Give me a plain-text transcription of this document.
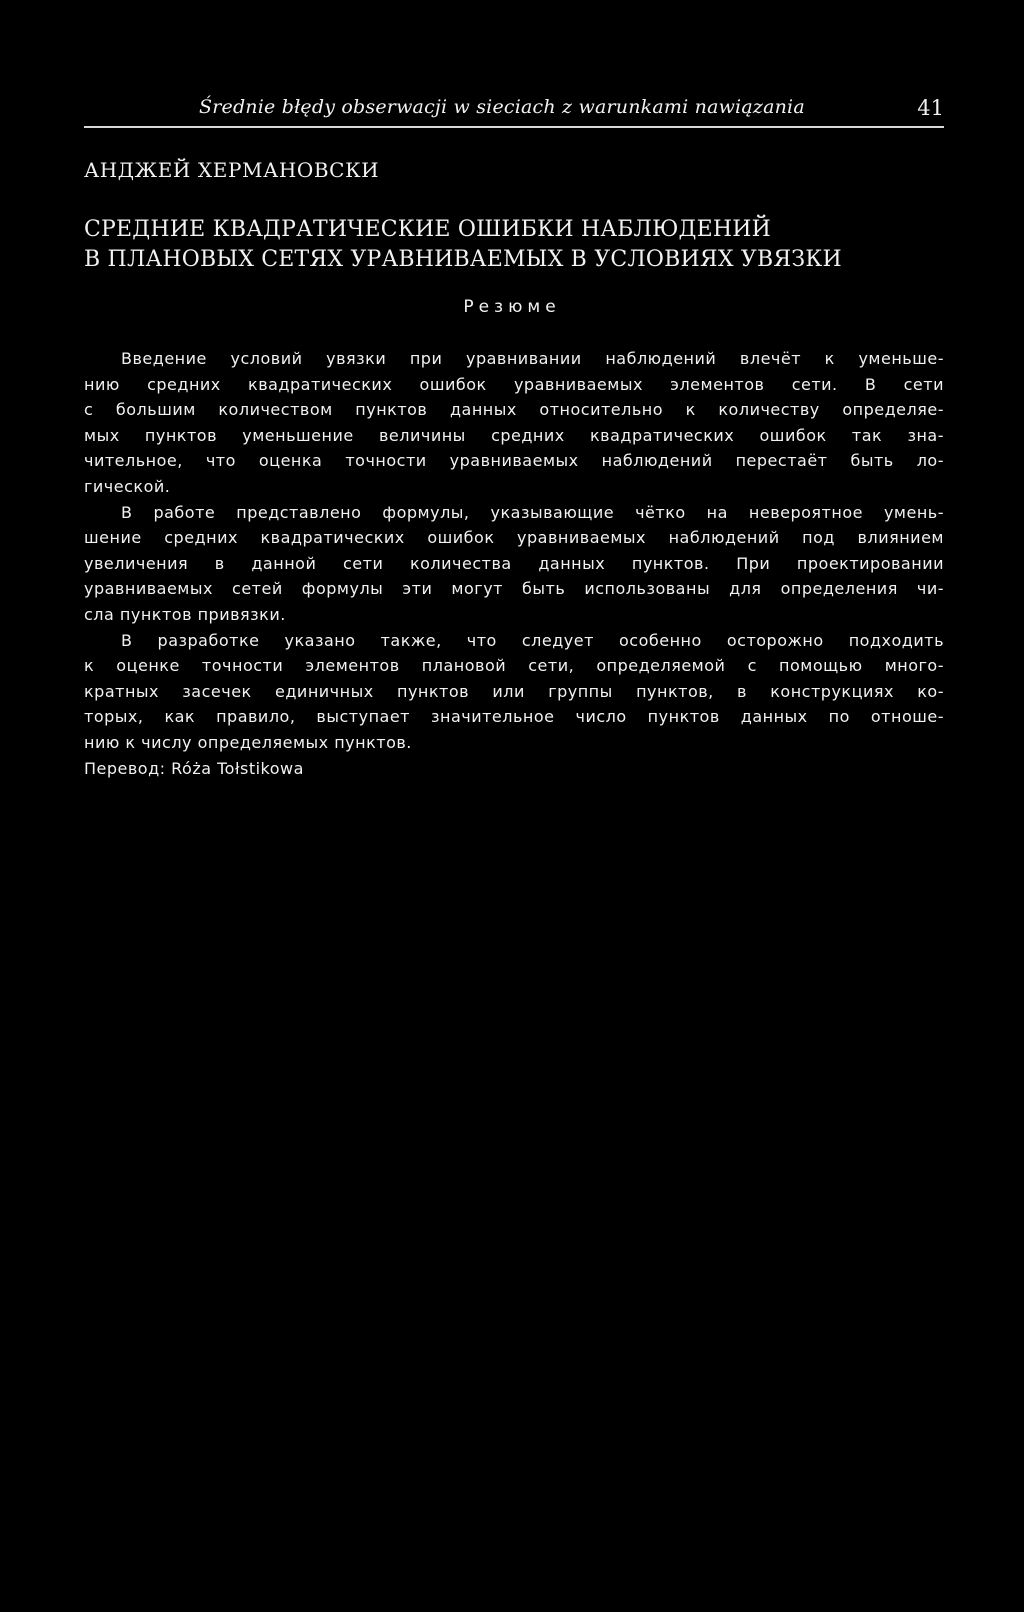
Średnie błędy obserwacji w sieciach z warunkami nawiązania	41
АНДЖЕЙ ХЕРМАНОВСКИ
СРЕДНИЕ КВАДРАТИЧЕСКИЕ ОШИБКИ НАБЛЮДЕНИЙ
В ПЛАНОВЫХ СЕТЯХ УРАВНИВАЕМЫХ В УСЛОВИЯХ УВЯЗКИ
Резюме
Введение условий увязки при уравнивании наблюдений влечёт к уменьше-
нию средних квадратических ошибок уравниваемых элементов сети. В сети
с большим количеством пунктов данных относительно к количеству определяе-
мых пунктов уменьшение величины средних квадратических ошибок так зна-
чительное, что оценка точности уравниваемых наблюдений перестаёт быть ло-
гической.
В работе представлено формулы, указывающие чётко на невероятное умень-
шение средних квадратических ошибок уравниваемых наблюдений под влиянием
увеличения в данной сети количества данных пунктов. При проектировании
уравниваемых сетей формулы эти могут быть использованы для определения чи-
сла пунктов привязки.
В разработке указано также, что следует особенно осторожно подходить
к оценке точности элементов плановой сети, определяемой с помощью много-
кратных засечек единичных пунктов или группы пунктов, в конструкциях ко-
торых, как правило, выступает значительное число пунктов данных по отноше-
нию к числу определяемых пунктов.
Перевод: Róża Tołstikowa
